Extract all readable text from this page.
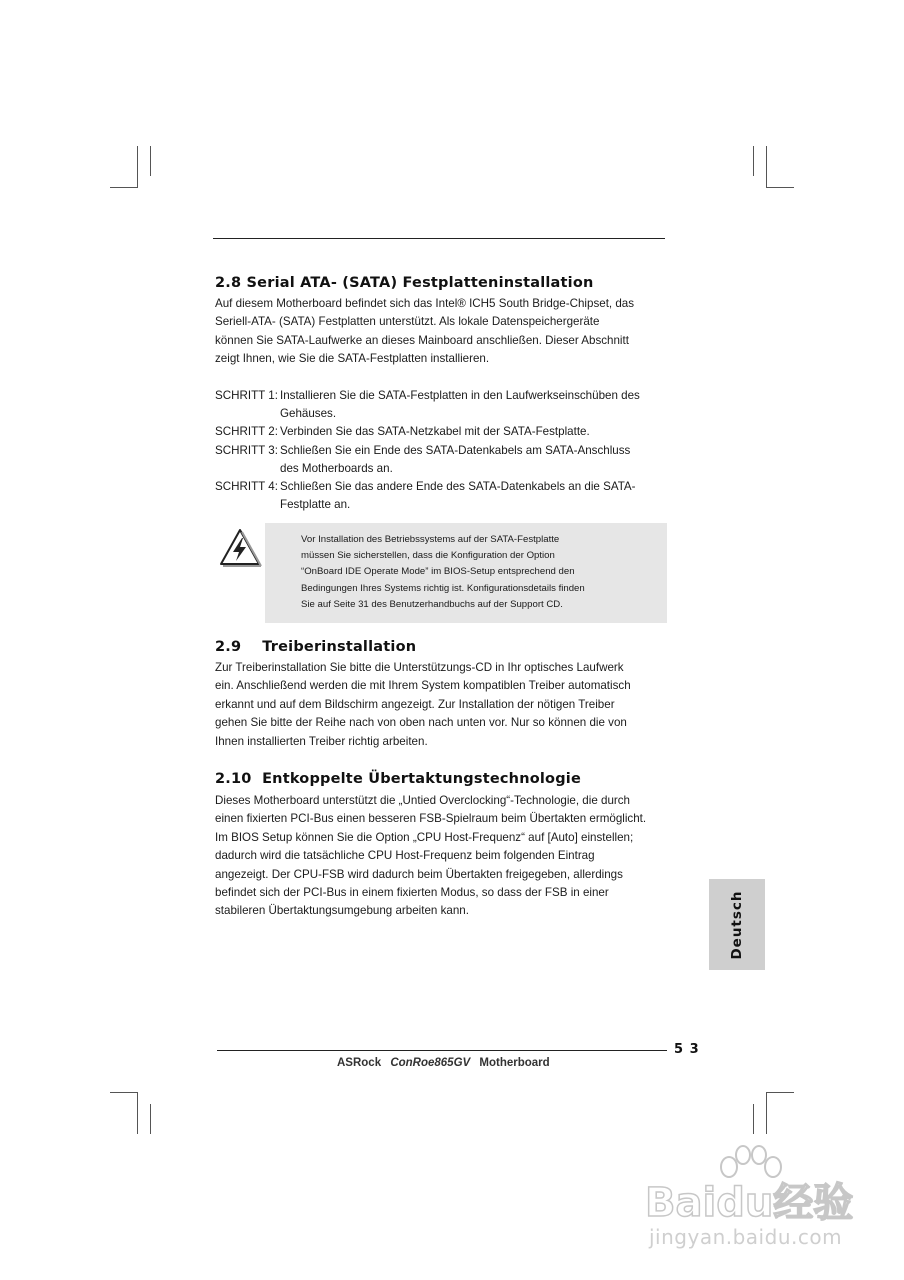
2.8 Serial ATA- (SATA) Festplatteninstallation
Auf diesem Motherboard befindet sich das Intel® ICH5 South Bridge-Chipset, das
Seriell-ATA- (SATA) Festplatten unterstützt. Als lokale Datenspeichergeräte
können Sie SATA-Laufwerke an dieses Mainboard anschließen. Dieser Abschnitt
zeigt Ihnen, wie Sie die SATA-Festplatten installieren.
SCHRITT 1: Installieren Sie die SATA-Festplatten in den Laufwerkseinschüben des
Gehäuses.
SCHRITT 2: Verbinden Sie das SATA-Netzkabel mit der SATA-Festplatte.
SCHRITT 3: Schließen Sie ein Ende des SATA-Datenkabels am SATA-Anschluss
des Motherboards an.
SCHRITT 4: Schließen Sie das andere Ende des SATA-Datenkabels an die SATA-
Festplatte an.
Vor Installation des Betriebssystems auf der SATA-Festplatte
müssen Sie sicherstellen, dass die Konfiguration der Option
“OnBoard IDE Operate Mode” im BIOS-Setup entsprechend den
Bedingungen Ihres Systems richtig ist. Konfigurationsdetails finden
Sie auf Seite 31 des Benutzerhandbuchs auf der Support CD.
2.9    Treiberinstallation
Zur Treiberinstallation Sie bitte die Unterstützungs-CD in Ihr optisches Laufwerk
ein. Anschließend werden die mit Ihrem System kompatiblen Treiber automatisch
erkannt und auf dem Bildschirm angezeigt. Zur Installation der nötigen Treiber
gehen Sie bitte der Reihe nach von oben nach unten vor. Nur so können die von
Ihnen installierten Treiber richtig arbeiten.
2.10  Entkoppelte Übertaktungstechnologie
Dieses Motherboard unterstützt die „Untied Overclocking“-Technologie, die durch
einen fixierten PCI-Bus einen besseren FSB-Spielraum beim Übertakten ermöglicht.
Im BIOS Setup können Sie die Option „CPU Host-Frequenz“ auf [Auto] einstellen;
dadurch wird die tatsächliche CPU Host-Frequenz beim folgenden Eintrag
angezeigt. Der CPU-FSB wird dadurch beim Übertakten freigegeben, allerdings
befindet sich der PCI-Bus in einem fixierten Modus, so dass der FSB in einer
stabileren Übertaktungsumgebung arbeiten kann.	Deutsch
5 3
ASRock ConRoe865GV Motherboard
Baidu经验
jingyan.baidu.com
